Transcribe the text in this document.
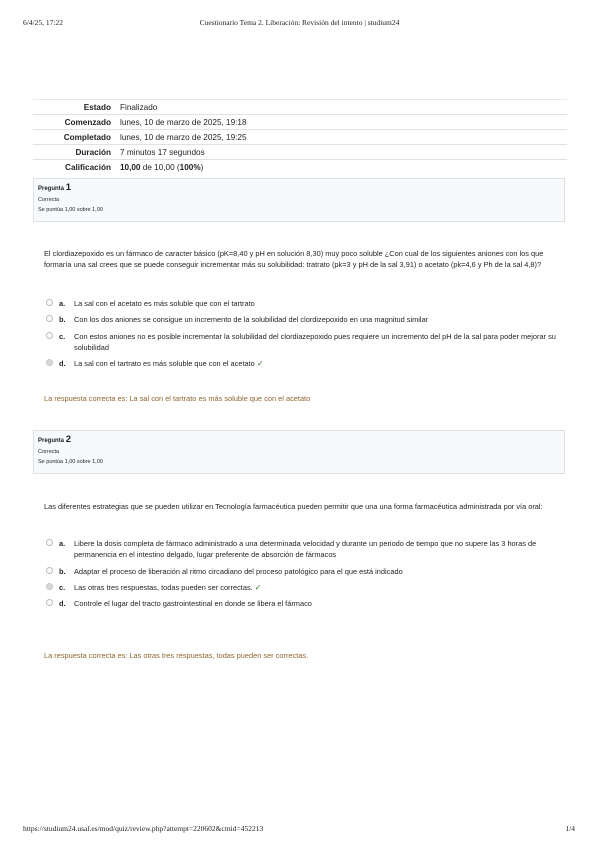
6/4/25, 17:22	Cuestionario Tema 2. Liberación: Revisión del intento | studium24
Estado	Finalizado
Comenzado	lunes, 10 de marzo de 2025, 19:18
Completado	lunes, 10 de marzo de 2025, 19:25
Duración	7 minutos 17 segundos
Calificación	10,00 de 10,00 (100%)
Pregunta 1
Correcta
Se puntúa 1,00 sobre 1,00
El clordiazepoxido es un fármaco de caracter básico (pK=8,40 y pH en solución 8,30) muy poco soluble ¿Con cual de los siguientes aniones con los que formaría una sal crees que se puede conseguir incrementar más su solubilidad: tratrato (pk=3 y pH de la sal 3,91) o acetato (pk=4,6 y Ph de la sal 4,8)?
a. La sal con el acetato es más soluble que con el tartrato
b. Con los dos aniones se consigue un incremento de la solubilidad del clordizepoxido en una magnitud similar
c. Con estos aniones no es posible incrementar la solubilidad del clordiazepoxido pues requiere un incremento del pH de la sal para poder mejorar su solubilidad
d. La sal con el tartrato es más soluble que con el acetato ✓
La respuesta correcta es: La sal con el tartrato es más soluble que con el acetato
Pregunta 2
Correcta
Se puntúa 1,00 sobre 1,00
Las diferentes estrategias que se pueden utilizar en Tecnología farmacéutica pueden permitir que una una forma farmacéutica administrada por vía oral:
a. Libere la dosis completa de fármaco administrado a una determinada velocidad y durante un periodo de tiempo que no supere las 3 horas de permanencia en el intestino delgado, lugar preferente de absorción de fármacos
b. Adaptar el proceso de liberación al ritmo circadiano del proceso patológico para el que está indicado
c. Las otras tres respuestas, todas pueden ser correctas. ✓
d. Controle el lugar del tracto gastrointestinal en donde se libera el fármaco
La respuesta correcta es: Las otras tres respuestas, todas pueden ser correctas.
https://studium24.usal.es/mod/quiz/review.php?attempt=220602&cmid=452213	1/4
